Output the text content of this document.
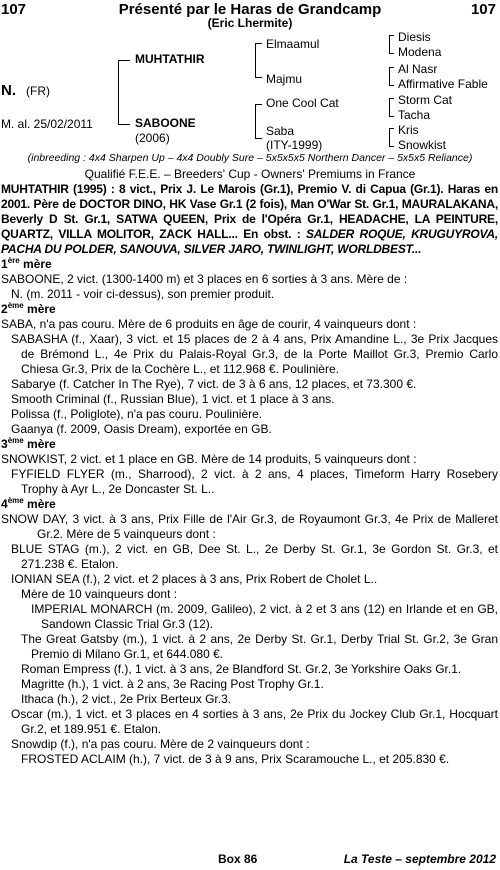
107	Présenté par le Haras de Grandcamp	107
(Eric Lhermite)
N. (FR)
M. al. 25/02/2011
MUHTATHIR
SABOONE
(2006)
Elmaamul
Majmu
One Cool Cat
Saba
(ITY-1999)
Diesis
Modena
Al Nasr
Affirmative Fable
Storm Cat
Tacha
Kris
Snowkist
(inbreeding : 4x4 Sharpen Up – 4x4 Doubly Sure – 5x5x5x5 Northern Dancer – 5x5x5 Reliance)
Qualifié F.E.E. – Breeders' Cup - Owners' Premiums in France

MUHTATHIR (1995) : 8 vict., Prix J. Le Marois (Gr.1), Premio V. di Capua (Gr.1). Haras en 2001. Père de DOCTOR DINO, HK Vase Gr.1 (2 fois), Man O'War St. Gr.1, MAURALAKANA, Beverly D St. Gr.1, SATWA QUEEN, Prix de l'Opéra Gr.1, HEADACHE, LA PEINTURE, QUARTZ, VILLA MOLITOR, ZACK HALL... En obst. : SALDER ROQUE, KRUGUYROVA, PACHA DU POLDER, SANOUVA, SILVER JARO, TWINLIGHT, WORLDBEST...

1ère mère

SABOONE, 2 vict. (1300-1400 m) et 3 places en 6 sorties à 3 ans. Mère de :

N. (m. 2011 - voir ci-dessus), son premier produit.

2ème mère

SABA, n'a pas couru. Mère de 6 produits en âge de courir, 4 vainqueurs dont :

SABASHA (f., Xaar), 3 vict. et 15 places de 2 à 4 ans, Prix Amandine L., 3e Prix Jacques de Brémond L., 4e Prix du Palais-Royal Gr.3, de la Porte Maillot Gr.3, Premio Carlo Chiesa Gr.3, Prix de la Cochère L., et 112.968 €. Poulinière.

Sabarye (f. Catcher In The Rye), 7 vict. de 3 à 6 ans, 12 places, et 73.300 €.

Smooth Criminal (f., Russian Blue), 1 vict. et 1 place à 3 ans.

Polissa (f., Poliglote), n'a pas couru. Poulinière.

Gaanya (f. 2009, Oasis Dream), exportée en GB.

3ème mère

SNOWKIST, 2 vict. et 1 place en GB. Mère de 14 produits, 5 vainqueurs dont :

FYFIELD FLYER (m., Sharrood), 2 vict. à 2 ans, 4 places, Timeform Harry Rosebery Trophy à Ayr L., 2e Doncaster St. L..

4ème mère

SNOW DAY, 3 vict. à 3 ans, Prix Fille de l'Air Gr.3, de Royaumont Gr.3, 4e Prix de Malleret Gr.2. Mère de 5 vainqueurs dont :

BLUE STAG (m.), 2 vict. en GB, Dee St. L., 2e Derby St. Gr.1, 3e Gordon St. Gr.3, et 271.238 €. Etalon.

IONIAN SEA (f.), 2 vict. et 2 places à 3 ans, Prix Robert de Cholet L..

Mère de 10 vainqueurs dont :

IMPERIAL MONARCH (m. 2009, Galileo), 2 vict. à 2 et 3 ans (12) en Irlande et en GB, Sandown Classic Trial Gr.3 (12).

The Great Gatsby (m.), 1 vict. à 2 ans, 2e Derby St. Gr.1, Derby Trial St. Gr.2, 3e Gran Premio di Milano Gr.1, et 644.080 €.

Roman Empress (f.), 1 vict. à 3 ans, 2e Blandford St. Gr.2, 3e Yorkshire Oaks Gr.1.

Magritte (h.), 1 vict. à 2 ans, 3e Racing Post Trophy Gr.1.

Ithaca (h.), 2 vict., 2e Prix Berteux Gr.3.

Oscar (m.), 1 vict. et 3 places en 4 sorties à 3 ans, 2e Prix du Jockey Club Gr.1, Hocquart Gr.2, et 189.951 €. Etalon.

Snowdip (f.), n'a pas couru. Mère de 2 vainqueurs dont :

FROSTED ACLAIM (h.), 7 vict. de 3 à 9 ans, Prix Scaramouche L., et 205.830 €.

Box 86	La Teste – septembre 2012
